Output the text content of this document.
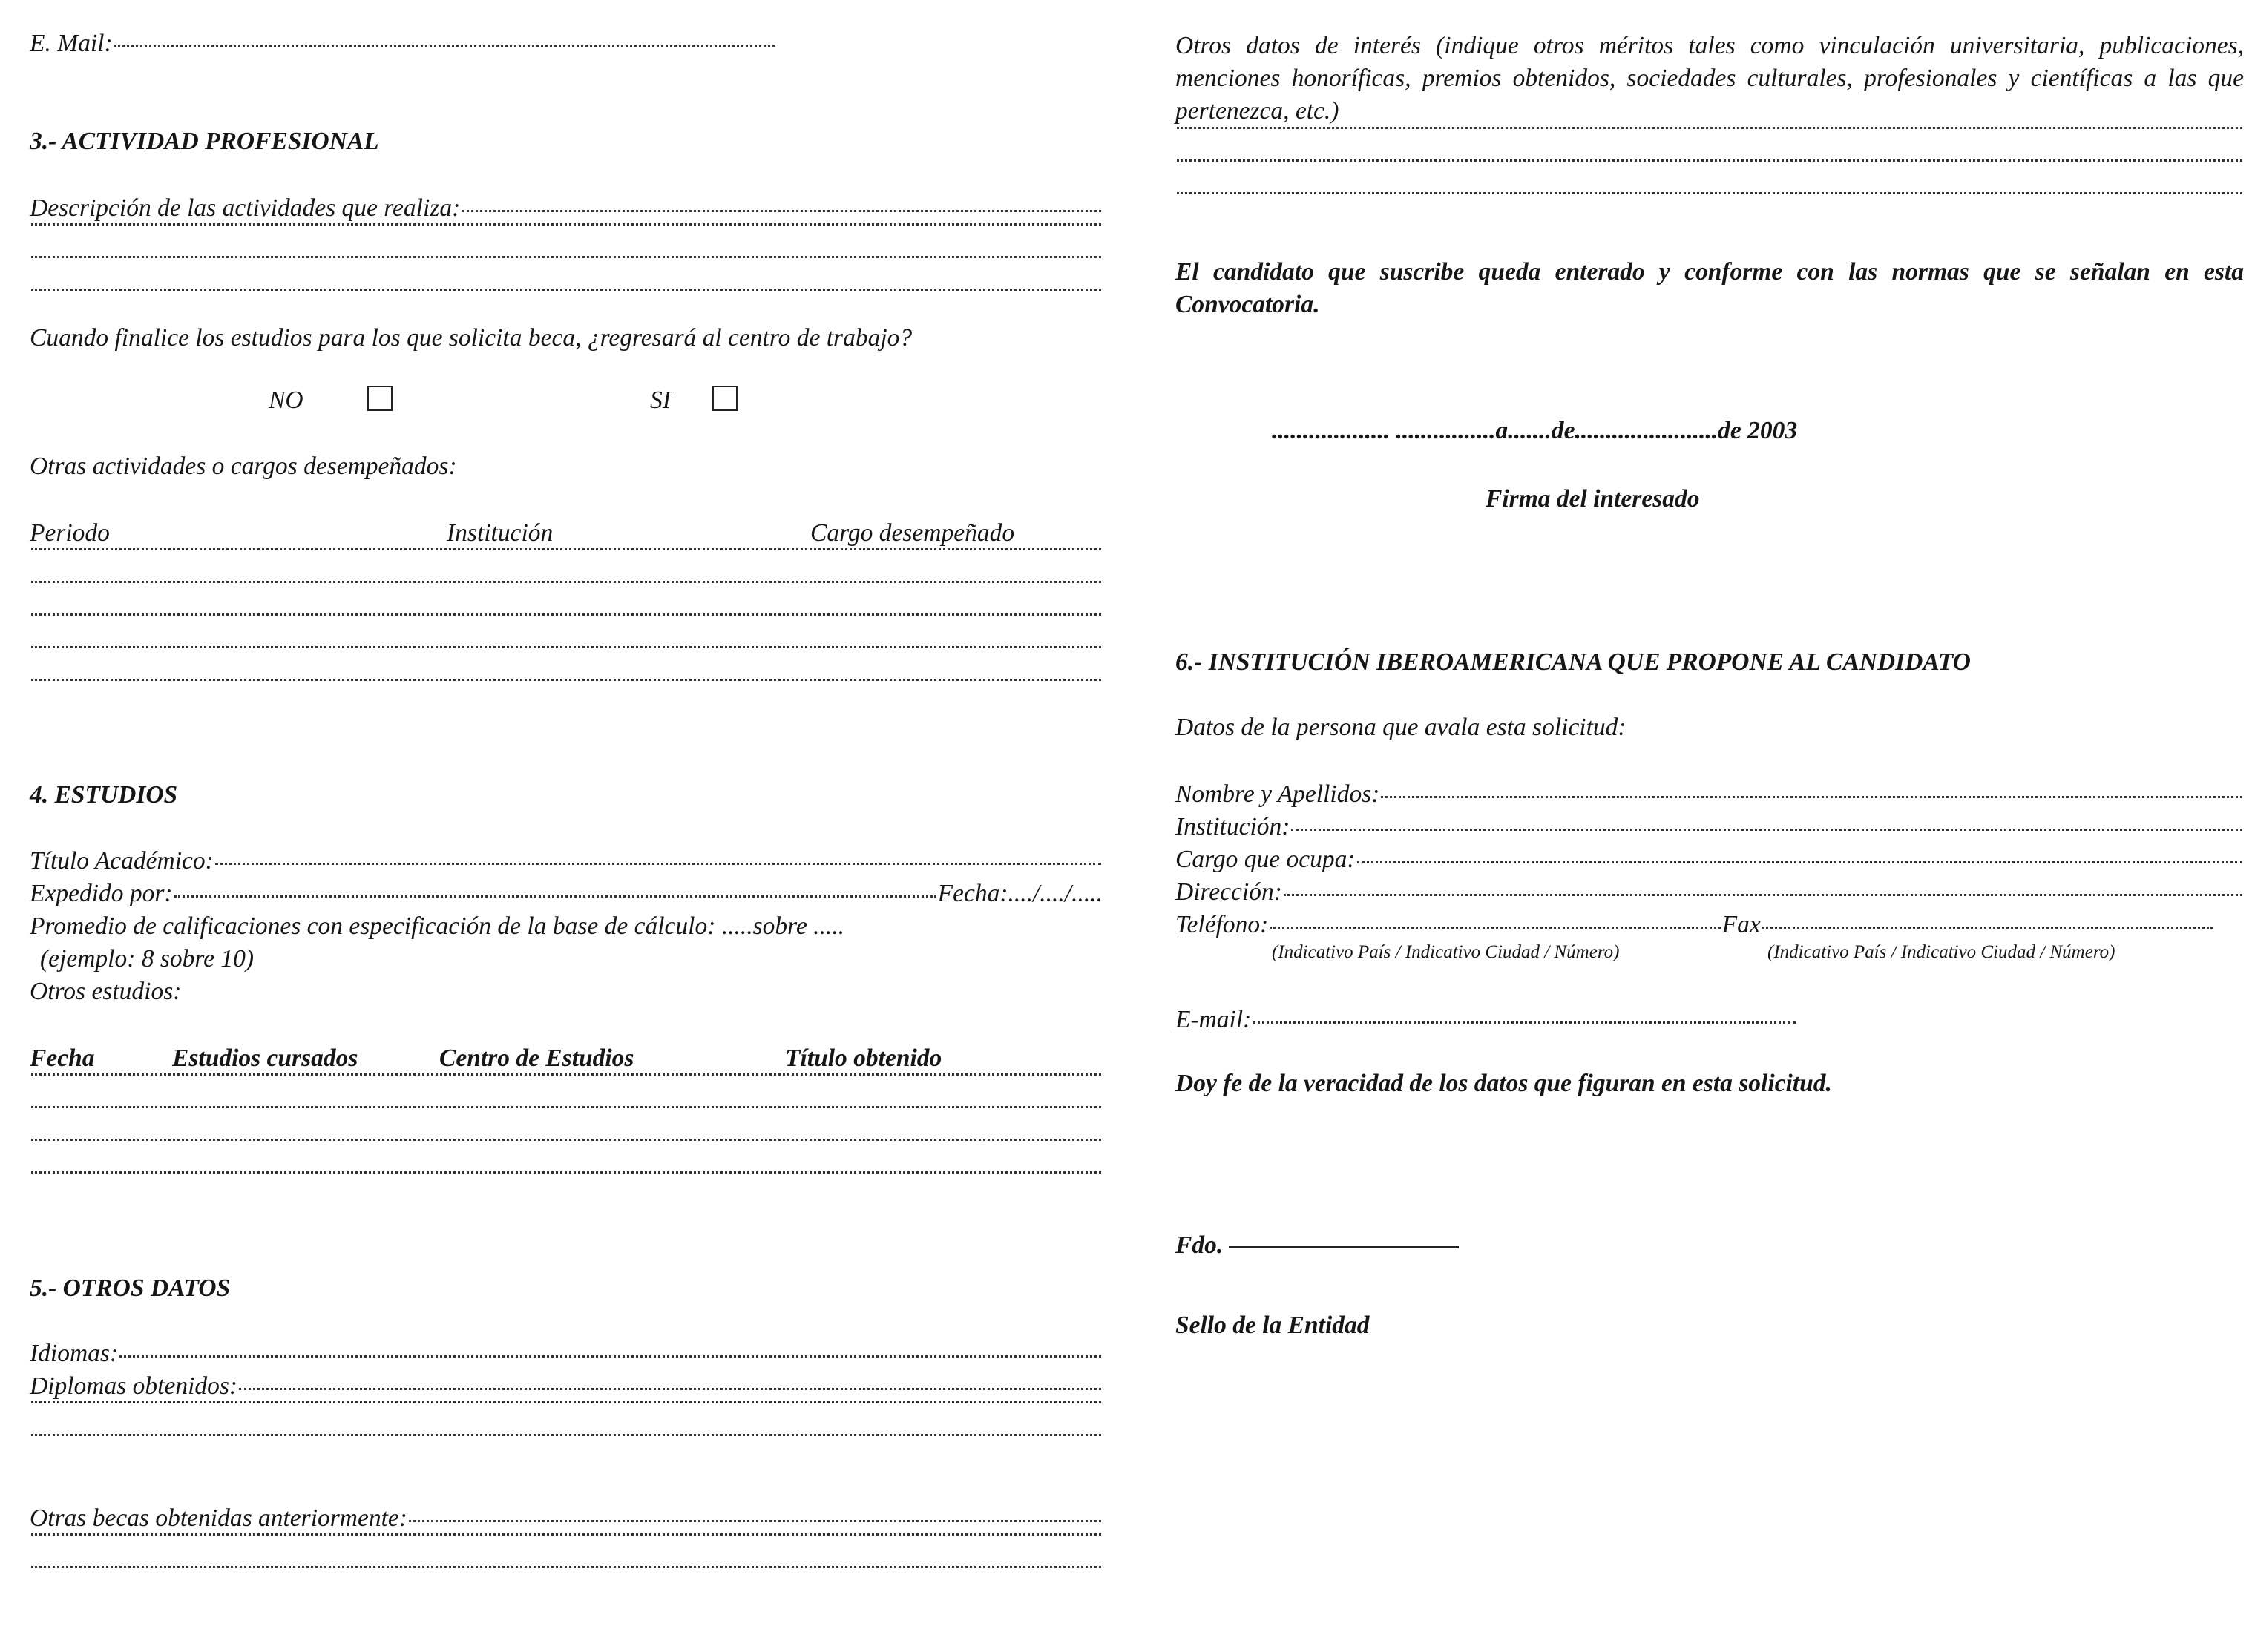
E. Mail:
3.- ACTIVIDAD PROFESIONAL
Descripción de las actividades que realiza:
Cuando finalice los estudios para los que solicita beca, ¿regresará al centro de trabajo?
NO	SI
Otras actividades o cargos desempeñados:
Periodo	Institución	Cargo desempeñado
4. ESTUDIOS
Título Académico:
Expedido por:	Fecha:..../..../.....
Promedio de calificaciones con especificación de la base de cálculo: .....sobre .....
(ejemplo: 8 sobre 10)
Otros estudios:
Fecha	Estudios cursados	Centro de Estudios	Título obtenido
5.- OTROS DATOS
Idiomas:
Diplomas obtenidos:
Otras becas obtenidas anteriormente:
Otros datos de interés (indique otros méritos tales como vinculación universitaria, publicaciones, menciones honoríficas, premios obtenidos, sociedades culturales, profesionales y científicas a las que pertenezca, etc.)
El candidato que suscribe queda enterado y conforme con las normas que se señalan en esta Convocatoria.
................... ................a.......de.......................de 2003
Firma del interesado
6.- INSTITUCIÓN IBEROAMERICANA QUE PROPONE AL CANDIDATO
Datos de la persona que avala esta solicitud:
Nombre y Apellidos:
Institución:
Cargo que ocupa:
Dirección:
Teléfono:	Fax
(Indicativo País / Indicativo Ciudad / Número)	(Indicativo País / Indicativo Ciudad / Número)
E-mail:
Doy fe de la veracidad de los datos que figuran en esta solicitud.
Fdo.
Sello de la Entidad
